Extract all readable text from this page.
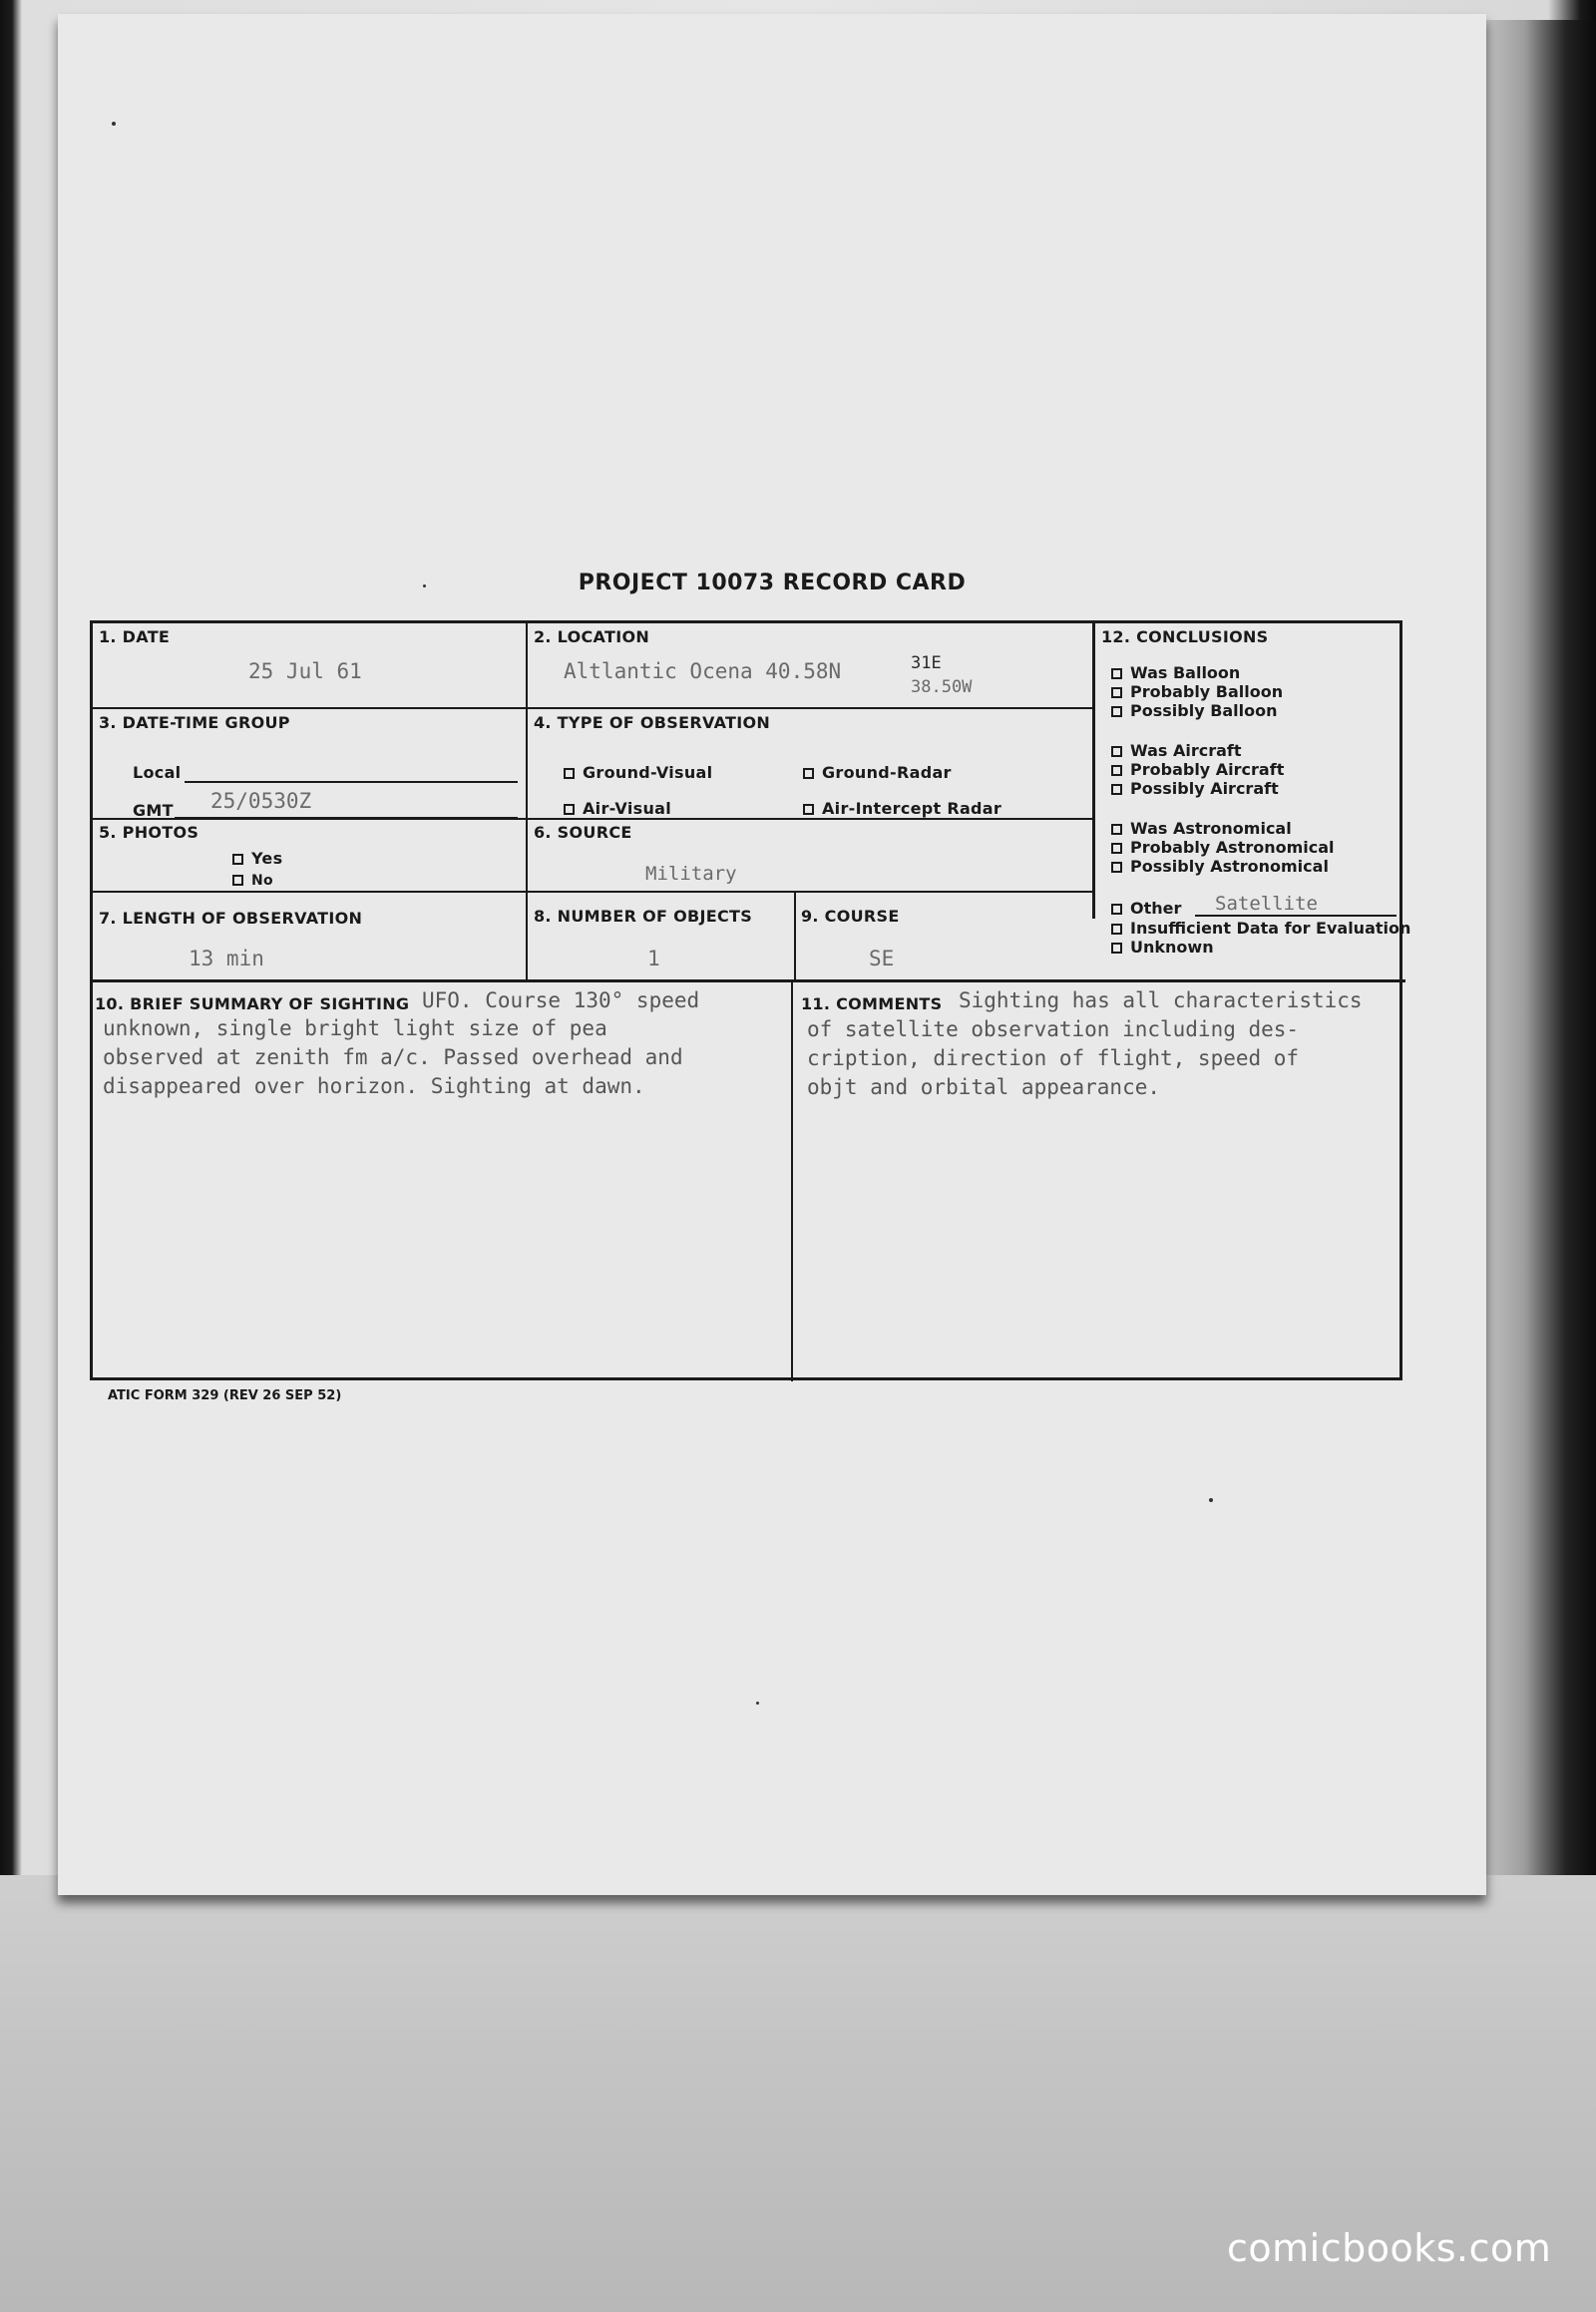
PROJECT 10073 RECORD CARD
1. DATE
25 Jul 61
2. LOCATION
Altlantic Ocena 40.58N	31E
38.50W
3. DATE-TIME GROUP
Local
GMT 25/0530Z
4. TYPE OF OBSERVATION
Ground-Visual	Ground-Radar
Air-Visual	Air-Intercept Radar
5. PHOTOS
Yes
No
6. SOURCE
Military
7. LENGTH OF OBSERVATION
13 min
8. NUMBER OF OBJECTS
1
9. COURSE
SE
10. BRIEF SUMMARY OF SIGHTING UFO. Course 130° speed
unknown, single bright light size of pea
observed at zenith fm a/c. Passed overhead and
disappeared over horizon. Sighting at dawn.
11. COMMENTS Sighting has all characteristics
of satellite observation including des-
cription, direction of flight, speed of
objt and orbital appearance.
12. CONCLUSIONS
Was Balloon
Probably Balloon
Possibly Balloon
Was Aircraft
Probably Aircraft
Possibly Aircraft
Was Astronomical
Probably Astronomical
Possibly Astronomical
Other Satellite
Insufficient Data for Evaluation
Unknown
ATIC FORM 329 (REV 26 SEP 52)
comicbooks.com
